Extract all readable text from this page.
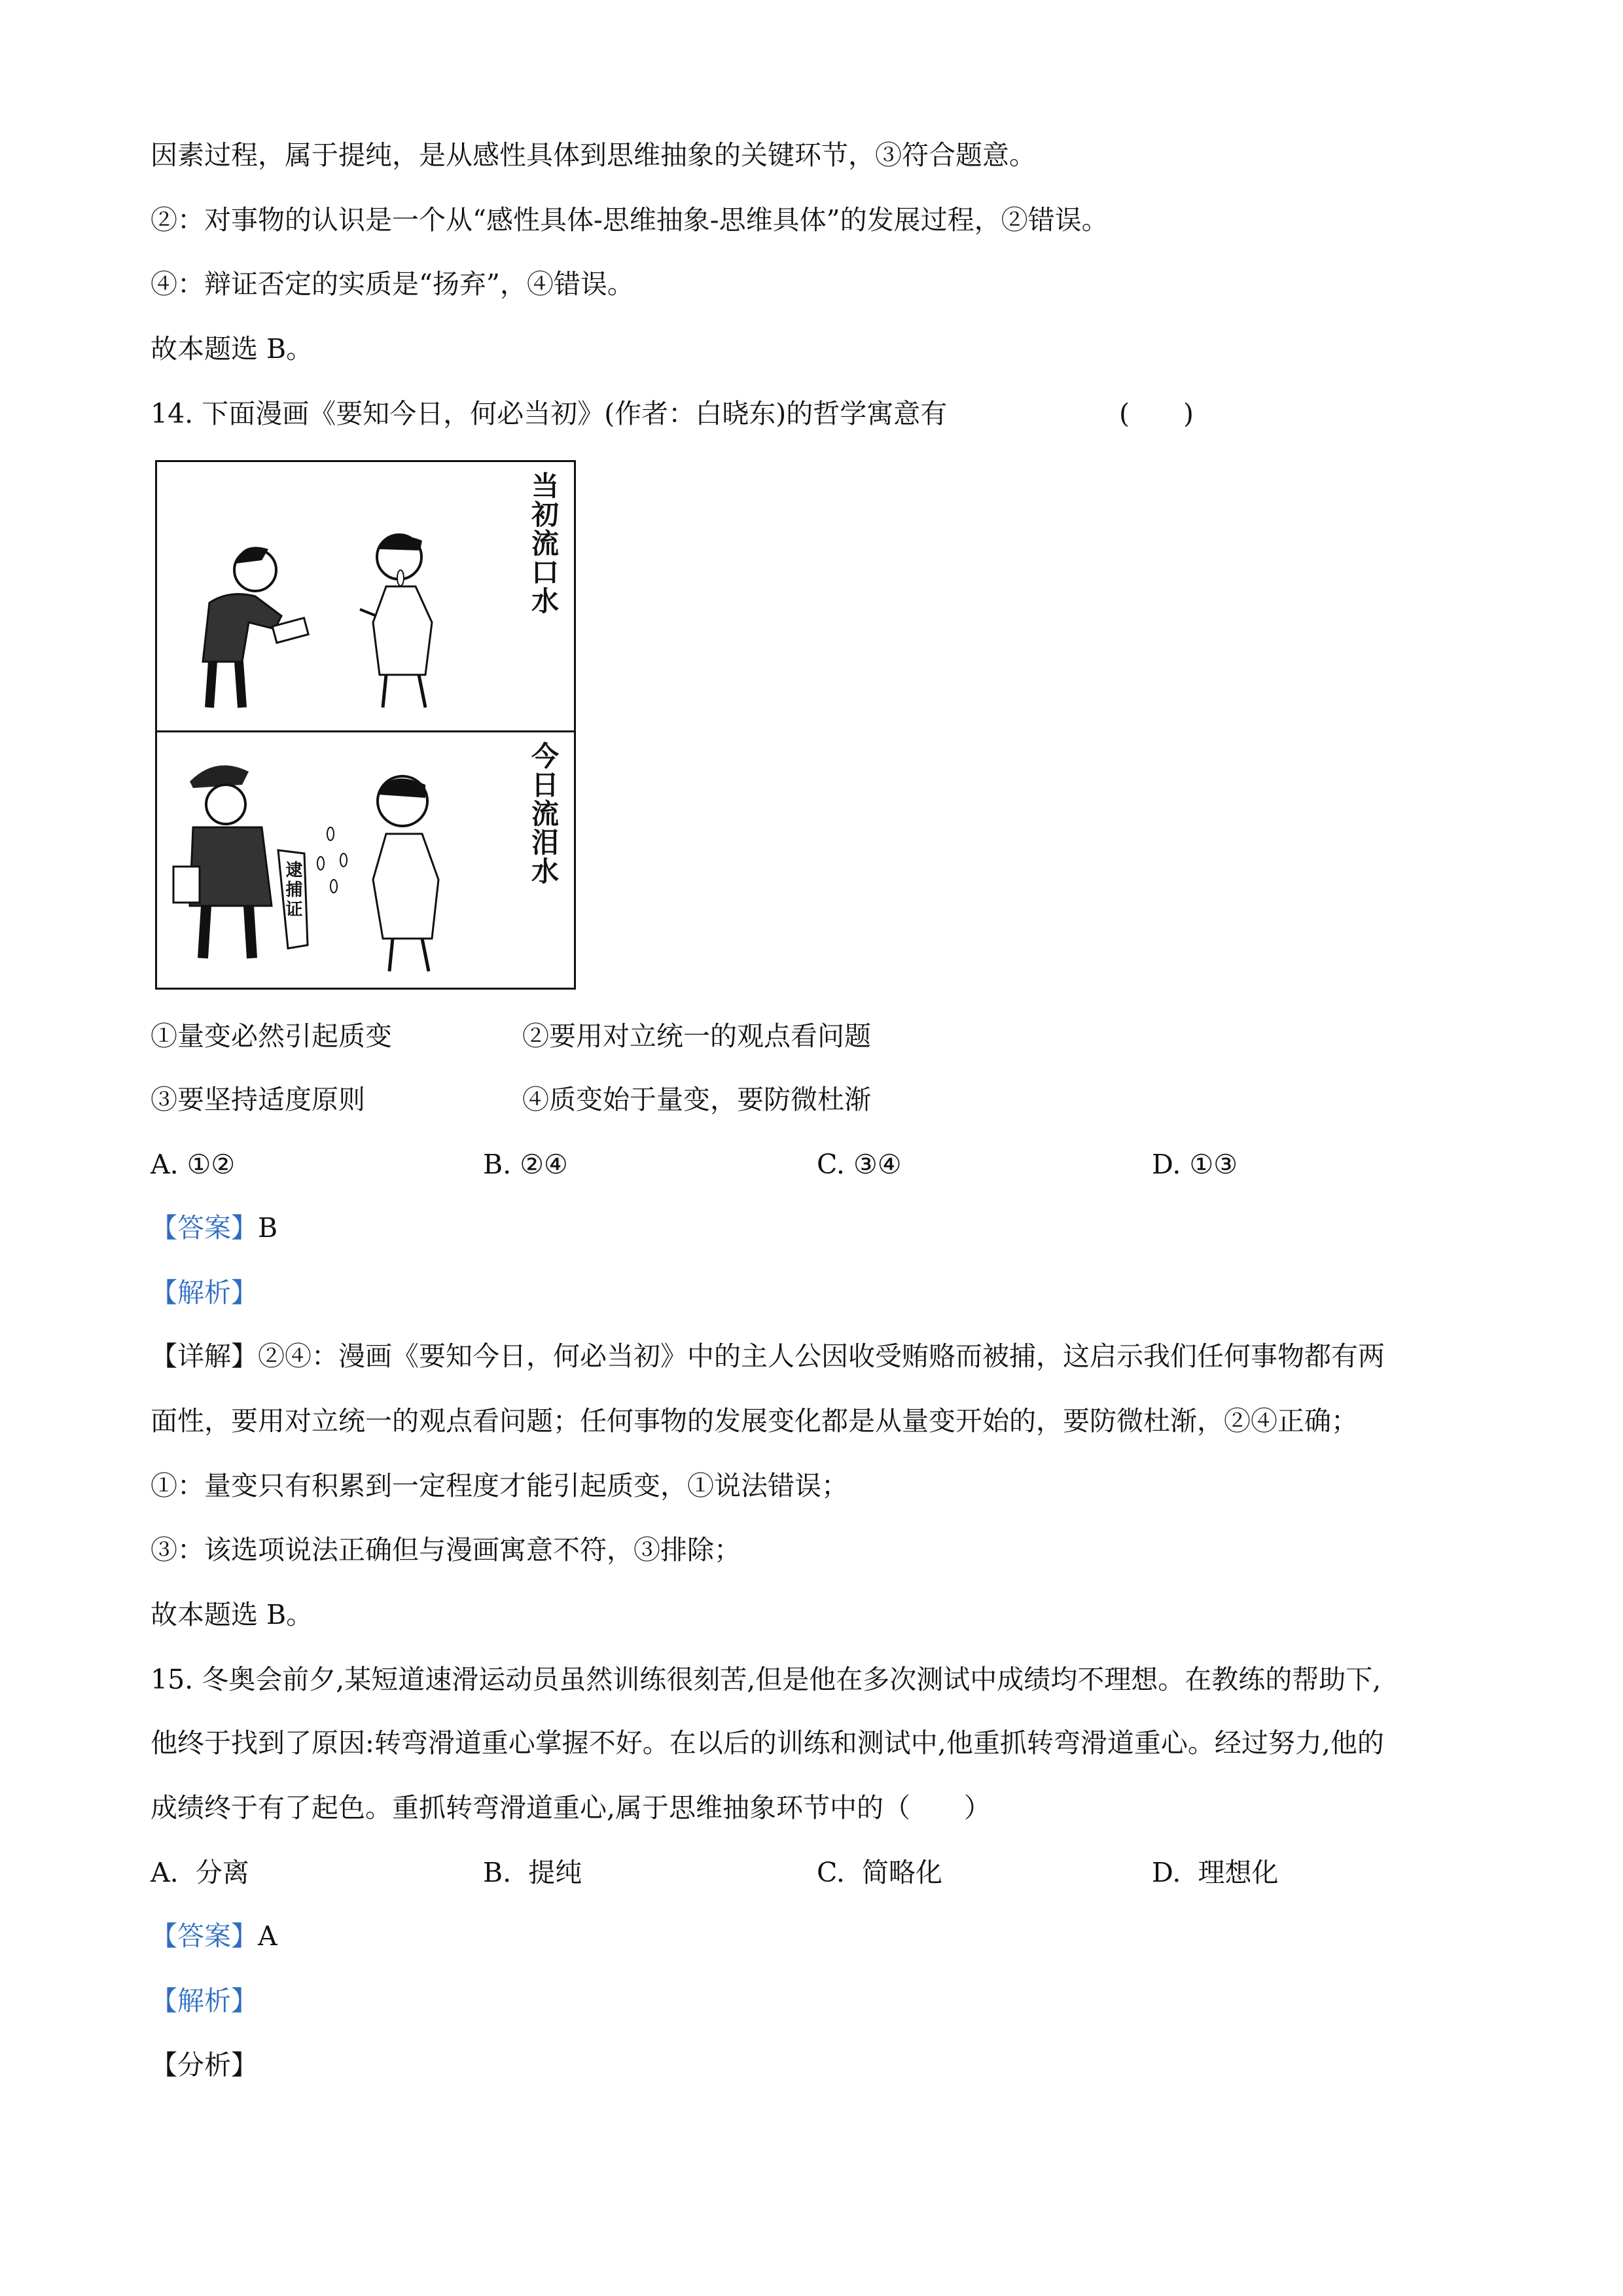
因素过程，属于提纯，是从感性具体到思维抽象的关键环节，③符合题意。
②：对事物的认识是一个从“感性具体-思维抽象-思维具体”的发展过程，②错误。
④：辩证否定的实质是“扬弃”，④错误。
故本题选 B。
14. 下面漫画《要知今日，何必当初》(作者：白晓东)的哲学寓意有	(　　)
当初流口水
逮捕证
今日流泪水
①量变必然引起质变	②要用对立统一的观点看问题
③要坚持适度原则	④质变始于量变，要防微杜渐
A. ①②	B. ②④	C. ③④	D. ①③
【答案】B
【解析】
【详解】②④：漫画《要知今日，何必当初》中的主人公因收受贿赂而被捕，这启示我们任何事物都有两
面性，要用对立统一的观点看问题；任何事物的发展变化都是从量变开始的，要防微杜渐，②④正确；
①：量变只有积累到一定程度才能引起质变，①说法错误；
③：该选项说法正确但与漫画寓意不符，③排除；
故本题选 B。
15. 冬奥会前夕,某短道速滑运动员虽然训练很刻苦,但是他在多次测试中成绩均不理想。在教练的帮助下,
他终于找到了原因:转弯滑道重心掌握不好。在以后的训练和测试中,他重抓转弯滑道重心。经过努力,他的
成绩终于有了起色。重抓转弯滑道重心,属于思维抽象环节中的（　　）
A.  分离	B.  提纯	C.  简略化	D.  理想化
【答案】A
【解析】
【分析】
